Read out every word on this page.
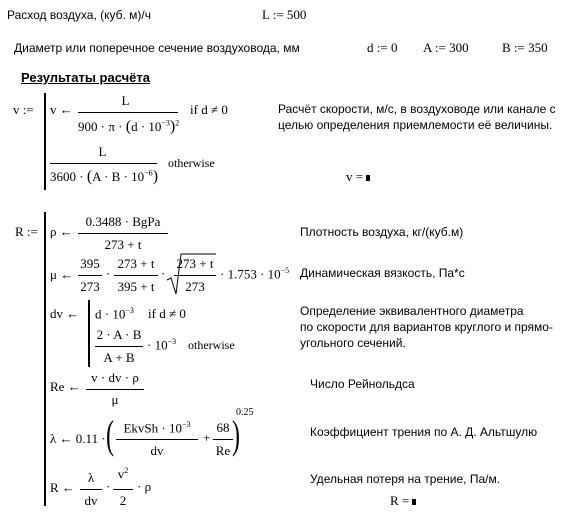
Расход воздуха, (куб. м)/ч	L := 500
Диаметр или поперечное сечение воздуховода, мм	d := 0 A := 300	B := 350
Результаты расчёта
v := v ←
L
$900 \cdot \pi \cdot (d \cdot 10^{-3})^2$
if d ≠ 0
L
$3600 \cdot (A \cdot B \cdot 10^{-6})$
otherwise
Расчёт скорости, м/с, в воздуховоде или канале с целью определения приемлемости её величины.
v =
R := ρ ←
0.3488 · BgPa
273 + t
Плотность воздуха, кг/(куб.м)
μ ←
395
273
·
273 + t
395 + t
·
273 + t
273
· $1.753 \cdot 10^{-5}$ Динамическая вязкость, Па*с
dv ← $d \cdot 10^{-3}$ if d ≠ 0
2 · A · B
A + B
· $10^{-3}$ otherwise
Определение эквивалентного диаметра
по скорости для вариантов круглого и прямо-
угольного сечений.
Re ←
v · dv · ρ
μ
Число Рейнольдса
λ ← 0.11 · ( EkvSh · $10^{-3}$
dv
+
68
Re )
0.25
Коэффициент трения по А. Д. Альтшулю
R ←
λ
dv
·
$v^2$
2
· ρ	Удельная потеря на трение, Па/м.
R =
